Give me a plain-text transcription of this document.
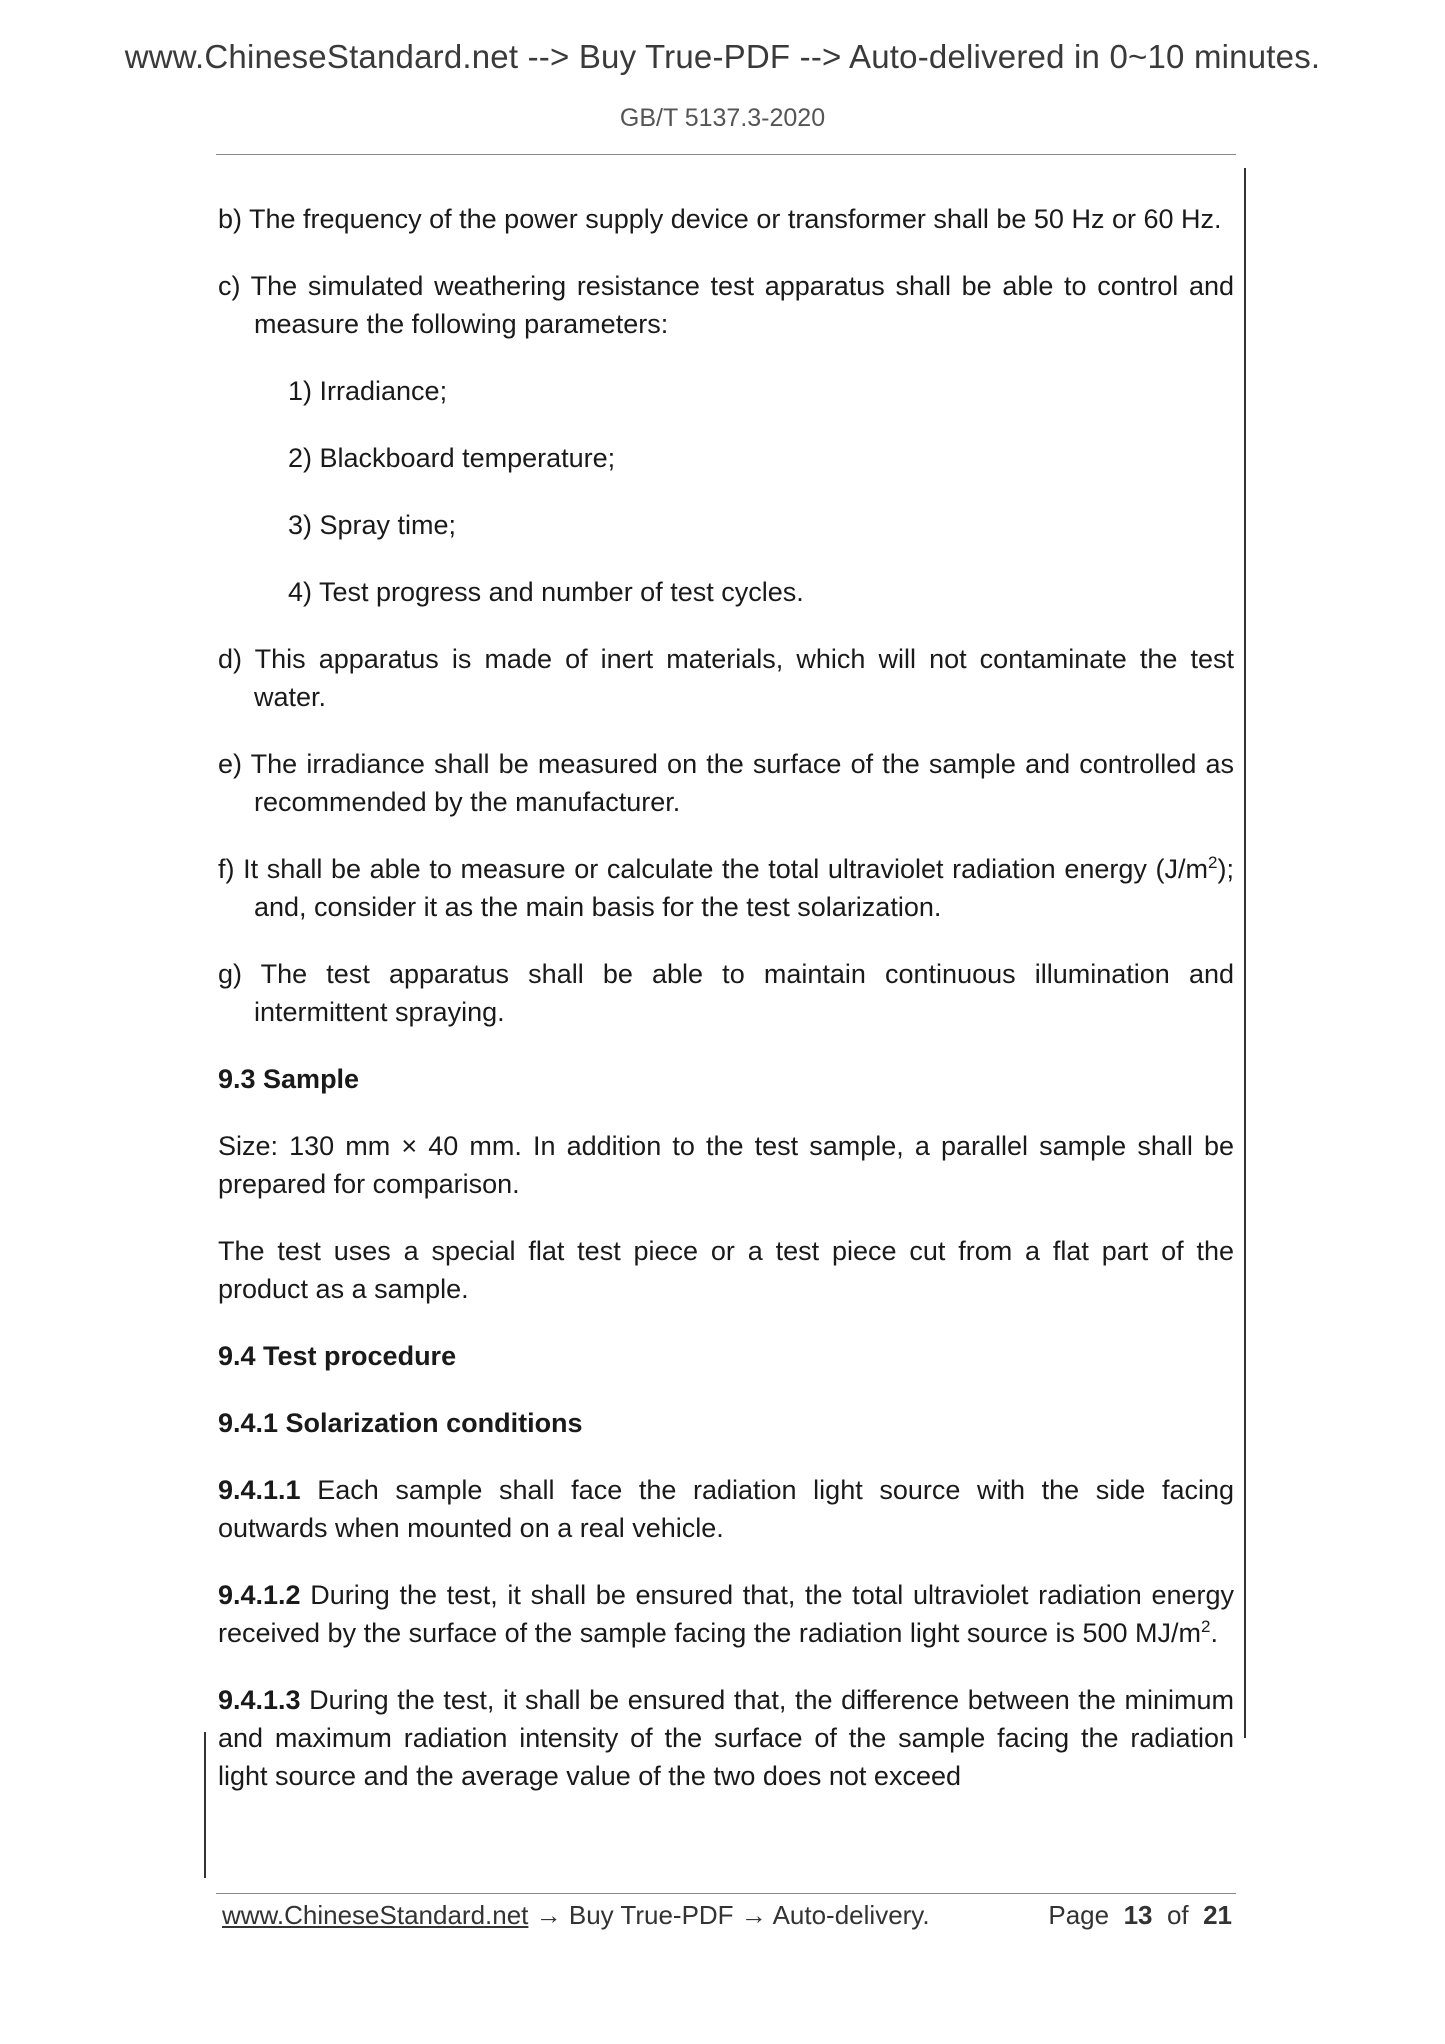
www.ChineseStandard.net --> Buy True-PDF --> Auto-delivered in 0~10 minutes.
GB/T 5137.3-2020

b) The frequency of the power supply device or transformer shall be 50 Hz or 60 Hz.

c) The simulated weathering resistance test apparatus shall be able to control and measure the following parameters:

1) Irradiance;

2) Blackboard temperature;

3) Spray time;

4) Test progress and number of test cycles.

d) This apparatus is made of inert materials, which will not contaminate the test water.

e) The irradiance shall be measured on the surface of the sample and controlled as recommended by the manufacturer.

f) It shall be able to measure or calculate the total ultraviolet radiation energy $(J/m^2)$; and, consider it as the main basis for the test solarization.

g) The test apparatus shall be able to maintain continuous illumination and intermittent spraying.

9.3 Sample

Size: 130 mm × 40 mm. In addition to the test sample, a parallel sample shall be prepared for comparison.

The test uses a special flat test piece or a test piece cut from a flat part of the product as a sample.

9.4 Test procedure

9.4.1 Solarization conditions

9.4.1.1 Each sample shall face the radiation light source with the side facing outwards when mounted on a real vehicle.

9.4.1.2 During the test, it shall be ensured that, the total ultraviolet radiation energy received by the surface of the sample facing the radiation light source is 500 $MJ/m^2$.

9.4.1.3 During the test, it shall be ensured that, the difference between the minimum and maximum radiation intensity of the surface of the sample facing the radiation light source and the average value of the two does not exceed

www.ChineseStandard.net → Buy True-PDF → Auto-delivery.	Page 13 of 21
